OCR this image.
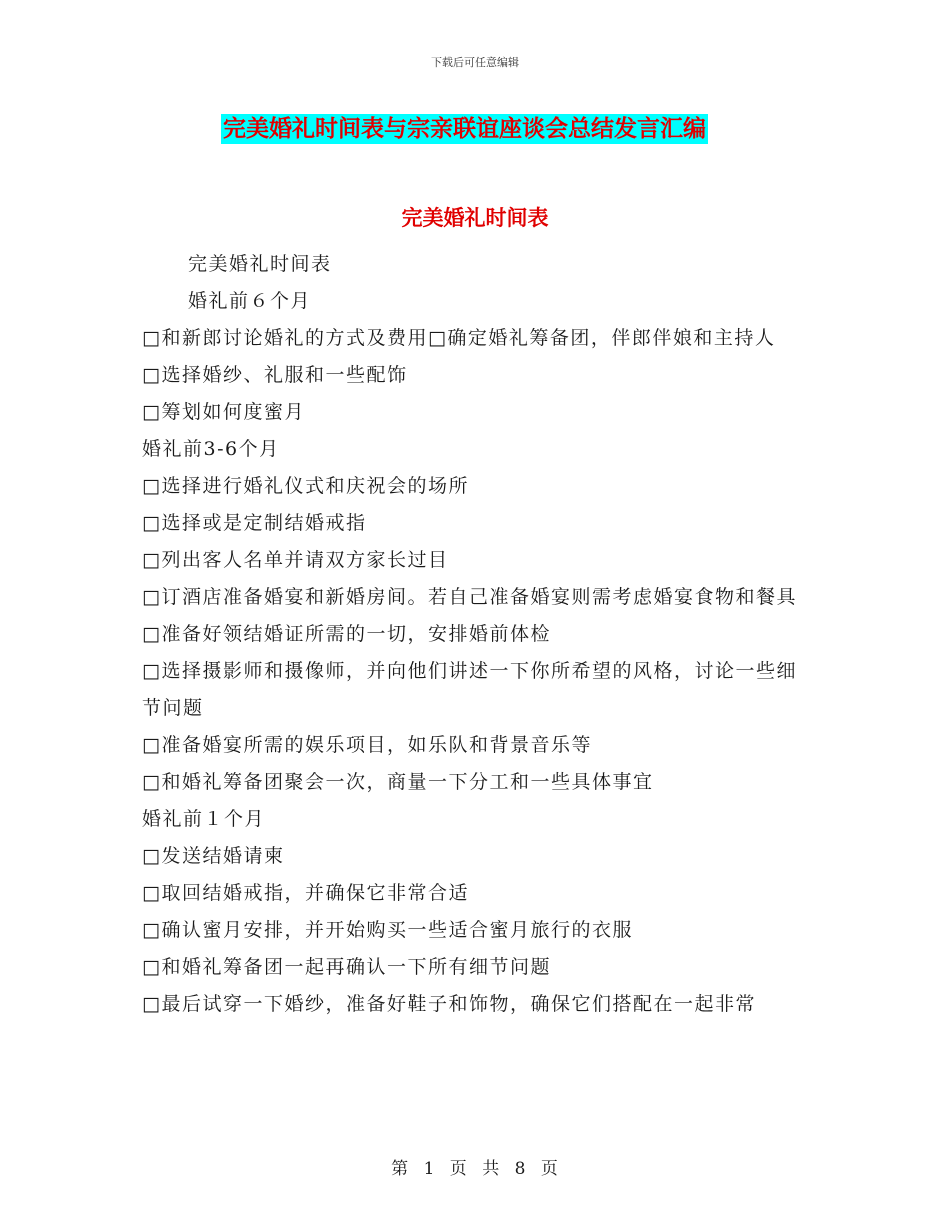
下载后可任意编辑
完美婚礼时间表与宗亲联谊座谈会总结发言汇编
完美婚礼时间表

完美婚礼时间表

婚礼前６个月

□和新郎讨论婚礼的方式及费用□确定婚礼筹备团，伴郎伴娘和主持人

□选择婚纱、礼服和一些配饰

□筹划如何度蜜月

婚礼前3-6个月

□选择进行婚礼仪式和庆祝会的场所

□选择或是定制结婚戒指

□列出客人名单并请双方家长过目

□订酒店准备婚宴和新婚房间。若自己准备婚宴则需考虑婚宴食物和餐具

□准备好领结婚证所需的一切，安排婚前体检

□选择摄影师和摄像师，并向他们讲述一下你所希望的风格，讨论一些细节问题

□准备婚宴所需的娱乐项目，如乐队和背景音乐等

□和婚礼筹备团聚会一次，商量一下分工和一些具体事宜

婚礼前１个月

□发送结婚请柬

□取回结婚戒指，并确保它非常合适

□确认蜜月安排，并开始购买一些适合蜜月旅行的衣服

□和婚礼筹备团一起再确认一下所有细节问题

□最后试穿一下婚纱，准备好鞋子和饰物，确保它们搭配在一起非常

第 1 页 共 8 页
